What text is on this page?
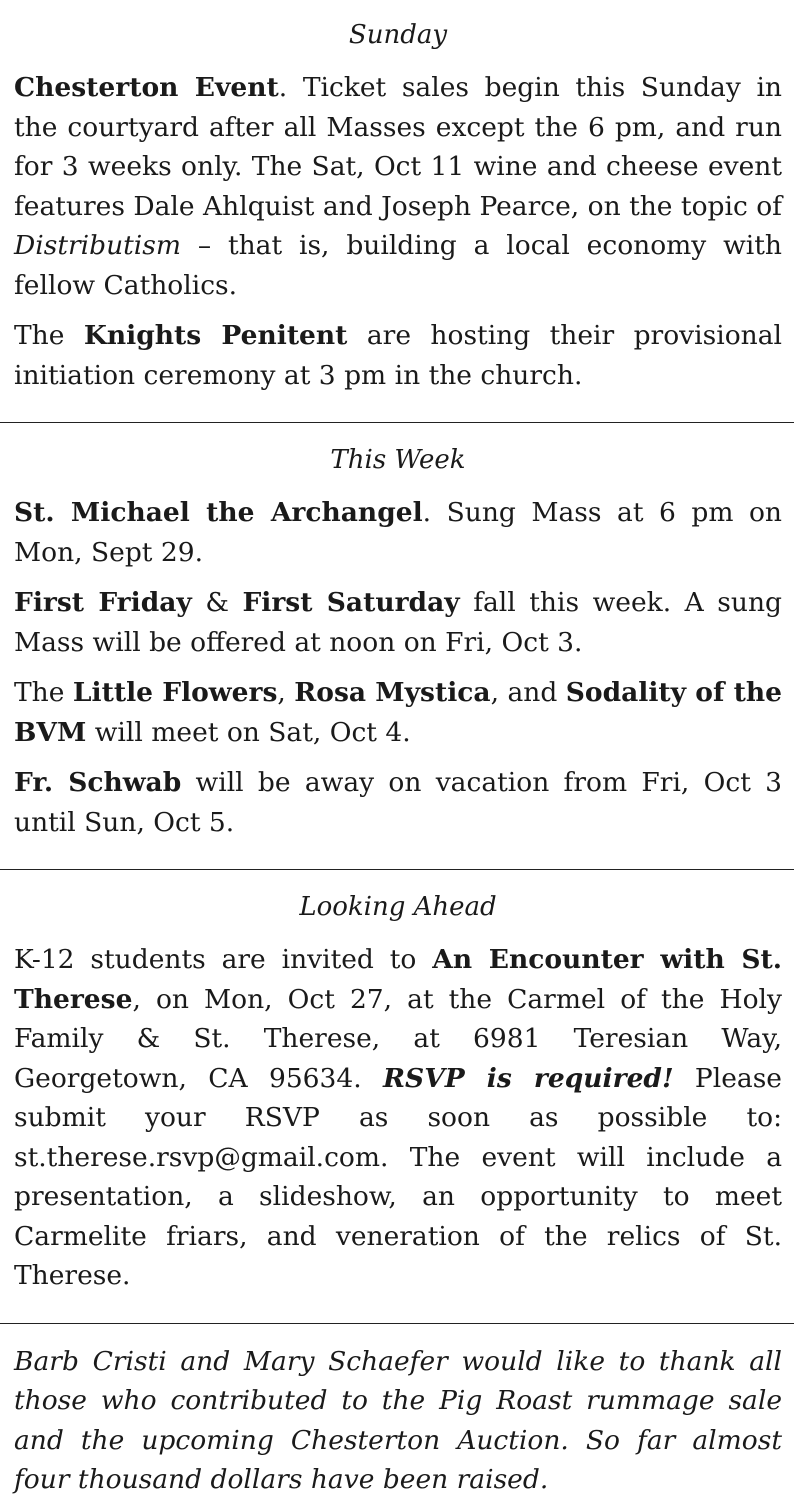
Sunday

Chesterton Event. Ticket sales begin this Sunday in the courtyard after all Masses except the 6 pm, and run for 3 weeks only. The Sat, Oct 11 wine and cheese event features Dale Ahlquist and Joseph Pearce, on the topic of Distributism – that is, building a local economy with fellow Catholics.

The Knights Penitent are hosting their provisional initiation ceremony at 3 pm in the church.

This Week

St. Michael the Archangel. Sung Mass at 6 pm on Mon, Sept 29.

First Friday & First Saturday fall this week. A sung Mass will be offered at noon on Fri, Oct 3.

The Little Flowers, Rosa Mystica, and Sodality of the BVM will meet on Sat, Oct 4.

Fr. Schwab will be away on vacation from Fri, Oct 3 until Sun, Oct 5.

Looking Ahead

K-12 students are invited to An Encounter with St. Therese, on Mon, Oct 27, at the Carmel of the Holy Family & St. Therese, at 6981 Teresian Way, Georgetown, CA 95634. RSVP is required! Please submit your RSVP as soon as possible to: st.therese.rsvp@gmail.com. The event will include a presentation, a slideshow, an opportunity to meet Carmelite friars, and veneration of the relics of St. Therese.

Barb Cristi and Mary Schaefer would like to thank all those who contributed to the Pig Roast rummage sale and the upcoming Chesterton Auction. So far almost four thousand dollars have been raised.
